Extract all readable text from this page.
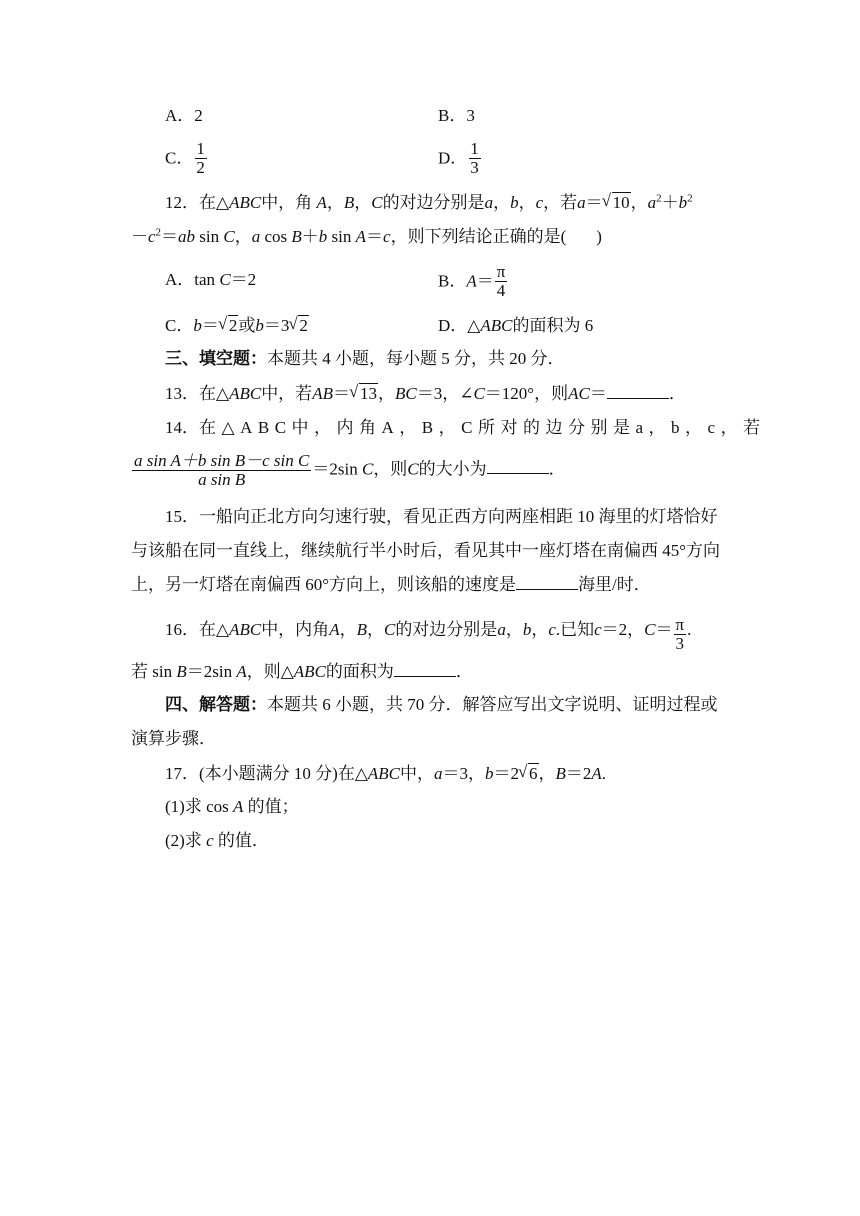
A．2	B．3
C． $\frac{1}{2}$	D． $\frac{1}{3}$
12．在△ABC中，角 A，B，C的对边分别是a，b，c，若a＝ √ 10，$a^2+b^2$
$-c^2=ab$ sin C，a cos B＋b sin A＝c，则下列结论正确的是( )
A．tan C＝2	B．$A= \frac{\pi}{4}$
C．b＝ √ 2或b＝3 √ 2	D．△ABC的面积为 6
三、填空题：本题共 4 小题，每小题 5 分，共 20 分．
13．在△ABC中，若AB＝ √ 13，BC＝3，∠C＝120°，则AC＝	．
14．在△ABC中，内角A，B，C所对的边分别是a，b，c，若
$\frac{\text{a sin A＋b sin B－c sin C}}{\text{a sin B}} =2\sin$ C，则C的大小为	．
15．一船向正北方向匀速行驶，看见正西方向两座相距 10 海里的灯塔恰好
与该船在同一直线上，继续航行半小时后，看见其中一座灯塔在南偏西 45°方向
上，另一灯塔在南偏西 60°方向上，则该船的速度是	海里/时．
16．在△ABC中，内角A，B，C的对边分别是a，b，c.已知c＝2，$C= \frac{\pi}{3}$ .
若 sin B＝2sin A，则△ABC的面积为	．
四、解答题：本题共 6 小题，共 70 分．解答应写出文字说明、证明过程或
演算步骤．
17．(本小题满分 10 分)在△ABC中，a＝3，b＝2 √ 6，B＝2A.
(1)求 cos A 的值；
(2)求 c 的值．
